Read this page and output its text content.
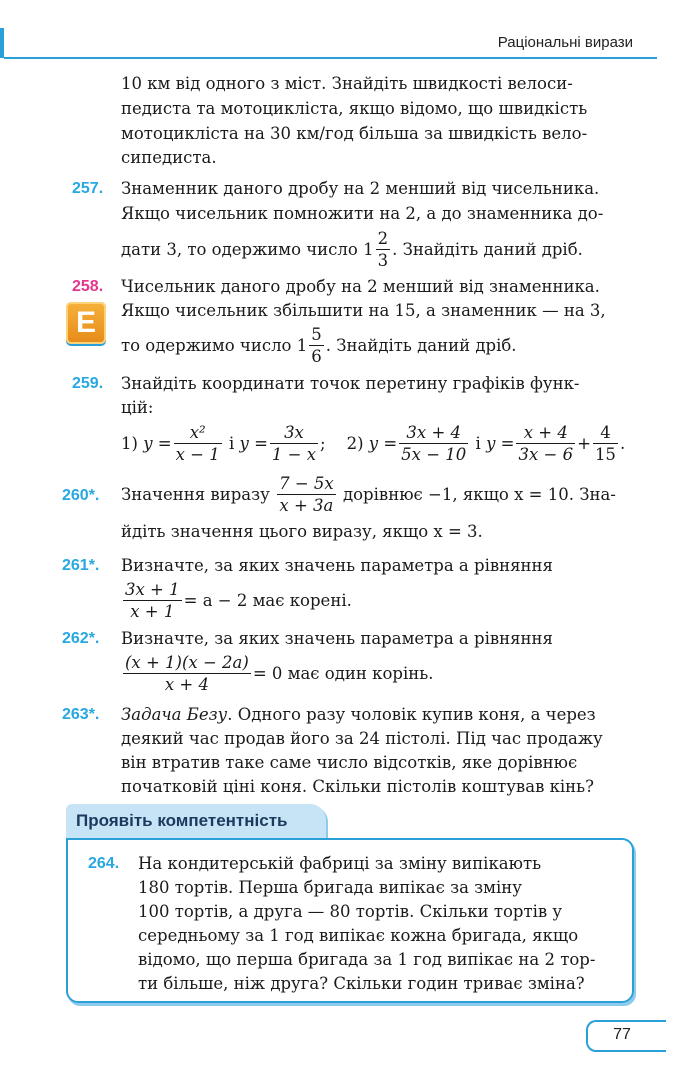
Раціональні вирази
10 км від одного з міст. Знайдіть швидкості велоси-
педиста та мотоцикліста, якщо відомо, що швидкість
мотоцикліста на 30 км/год більша за швидкість вело-
сипедиста.
257. Знаменник даного дробу на 2 менший від чисельника.
Якщо чисельник помножити на 2, а до знаменника до-
дати 3, то одержимо число $1 \frac{2}{3}$ . Знайдіть даний дріб.
258.
E
Чисельник даного дробу на 2 менший від знаменника.
Якщо чисельник збільшити на 15, а знаменник — на 3,
то одержимо число $1 \frac{5}{6}$ . Знайдіть даний дріб.
259. Знайдіть координати точок перетину графіків функ-
цій:
1) $y = \frac{\text{x²}}{x - 1}$ і $y = \frac{3x}{1 - x}$ ; 2) $y = \frac{3x + 4}{5x - 10}$ і $y = \frac{x + 4}{3x - 6} + \frac{4}{15}$ .
260*. Значення виразу $\frac{7 - 5x}{x + 3a}$ дорівнює −1, якщо x = 10. Зна-
йдіть значення цього виразу, якщо x = 3.
261*. Визначте, за яких значень параметра a рівняння
$\frac{3x + 1}{x + 1} = a - 2$ має корені.
262*. Визначте, за яких значень параметра a рівняння
$\frac{(x + 1)(x - 2a)}{x + 4} = 0$ має один корінь.
263*. Задача Безу. Одного разу чоловік купив коня, а через
деякий час продав його за 24 пістолі. Під час продажу
він втратив таке саме число відсотків, яке дорівнює
початковій ціні коня. Скільки пістолів коштував кінь?
Проявіть компетентність
264. На кондитерській фабриці за зміну випікають
180 тортів. Перша бригада випікає за зміну
100 тортів, а друга — 80 тортів. Скільки тортів у
середньому за 1 год випікає кожна бригада, якщо
відомо, що перша бригада за 1 год випікає на 2 тор-
ти більше, ніж друга? Скільки годин триває зміна?
77
